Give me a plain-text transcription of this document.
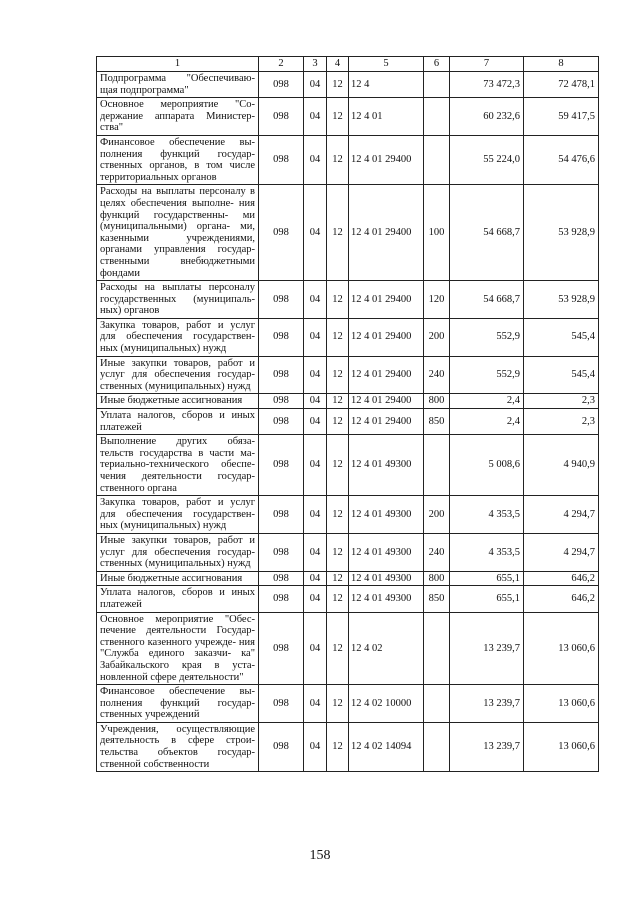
1	2	3	4	5	6	7	8
Подпрограмма "Обеспечиваю- щая подпрограмма"	098	04	12	12 4		73 472,3	72 478,1
Основное мероприятие "Со- держание аппарата Министер- ства"	098	04	12	12 4 01		60 232,6	59 417,5
Финансовое обеспечение вы- полнения функций государ- ственных органов, в том числе территориальных органов	098	04	12	12 4 01 29400		55 224,0	54 476,6
Расходы на выплаты персоналу в целях обеспечения выполне- ния функций государственны- ми (муниципальными) органа- ми, казенными учреждениями, органами управления государ- ственными внебюджетными фондами	098	04	12	12 4 01 29400	100	54 668,7	53 928,9
Расходы на выплаты персоналу государственных (муниципаль- ных) органов	098	04	12	12 4 01 29400	120	54 668,7	53 928,9
Закупка товаров, работ и услуг для обеспечения государствен- ных (муниципальных) нужд	098	04	12	12 4 01 29400	200	552,9	545,4
Иные закупки товаров, работ и услуг для обеспечения государ- ственных (муниципальных) нужд	098	04	12	12 4 01 29400	240	552,9	545,4
Иные бюджетные ассигнования	098	04	12	12 4 01 29400	800	2,4	2,3
Уплата налогов, сборов и иных платежей	098	04	12	12 4 01 29400	850	2,4	2,3
Выполнение других обяза- тельств государства в части ма- териально-технического обеспе- чения деятельности государ- ственного органа	098	04	12	12 4 01 49300		5 008,6	4 940,9
Закупка товаров, работ и услуг для обеспечения государствен- ных (муниципальных) нужд	098	04	12	12 4 01 49300	200	4 353,5	4 294,7
Иные закупки товаров, работ и услуг для обеспечения государ- ственных (муниципальных) нужд	098	04	12	12 4 01 49300	240	4 353,5	4 294,7
Иные бюджетные ассигнования	098	04	12	12 4 01 49300	800	655,1	646,2
Уплата налогов, сборов и иных платежей	098	04	12	12 4 01 49300	850	655,1	646,2
Основное мероприятие "Обес- печение деятельности Государ- ственного казенного учрежде- ния "Служба единого заказчи- ка" Забайкальского края в уста- новленной сфере деятельности"	098	04	12	12 4 02		13 239,7	13 060,6
Финансовое обеспечение вы- полнения функций государ- ственных учреждений	098	04	12	12 4 02 10000		13 239,7	13 060,6
Учреждения, осуществляющие деятельность в сфере строи- тельства объектов государ- ственной собственности	098	04	12	12 4 02 14094		13 239,7	13 060,6
158
